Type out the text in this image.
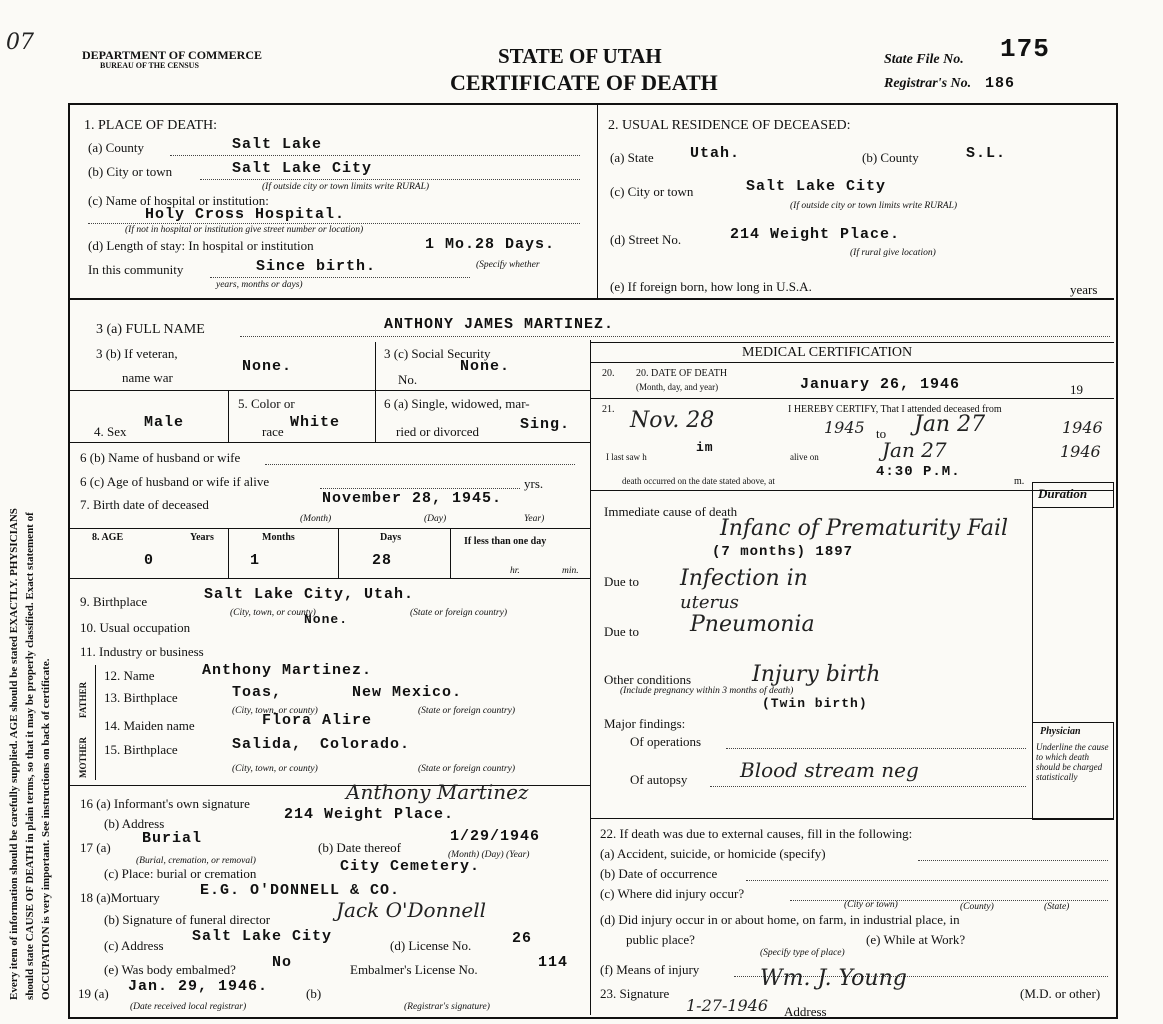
Every item of information should be carefully supplied. AGE should be stated EXACTLY. PHYSICIANS should state CAUSE OF DEATH in plain terms, so that it may be properly classified. Exact statement of OCCUPATION is very important. See instructions on back of certificate.
07	DEPARTMENT OF COMMERCE
BUREAU OF THE CENSUS	STATE OF UTAH
CERTIFICATE OF DEATH
State File No. 175
Registrar's No. 186
1. PLACE OF DEATH:
(a) County	Salt Lake
(b) City or town	Salt Lake City
(If outside city or town limits write RURAL)
(c) Name of hospital or institution:
Holy Cross Hospital.
(If not in hospital or institution give street number or location)
(d) Length of stay: In hospital or institution	1 Mo.28 Days.
In this community	Since birth.	(Specify whether
years, months or days)
2. USUAL RESIDENCE OF DECEASED:
(a) State Utah.	(b) County	S.L.
(c) City or town	Salt Lake City
(If outside city or town limits write RURAL)
(d) Street No.	214 Weight Place.
(If rural give location)
(e) If foreign born, how long in U.S.A.	years
3 (a) FULL NAME	ANTHONY JAMES MARTINEZ.
3 (b) If veteran,
name war
None.
3 (c) Social Security
No.
None.
4. Sex
Male
5. Color or
race
White
6 (a) Single, widowed, mar-
ried or divorced	Sing.
6 (b) Name of husband or wife
6 (c) Age of husband or wife if alive	yrs.
7. Birth date of deceased	November 28, 1945.
(Month)	(Day)	Year)
8. AGE	Years	Months	Days	If less than one day
0	1	28
hr.	min.
9. Birthplace	Salt Lake City, Utah.
(City, town, or county)	(State or foreign country)
10. Usual occupation
None.
11. Industry or business
FATHER
MOTHER
12. Name	Anthony Martinez.
13. Birthplace	Toas,	New Mexico.
(City, town, or county)	(State or foreign country)
14. Maiden name	Flora Alire
15. Birthplace	Salida, Colorado.
(City, town, or county)	(State or foreign country)
16 (a) Informant's own signature	Anthony Martinez
(b) Address
214 Weight Place.
17 (a)
Burial
(b) Date thereof
1/29/1946
(Burial, cremation, or removal)
(Month) (Day) (Year)
(c) Place: burial or cremation	City Cemetery.
18 (a)Mortuary	E.G. O'DONNELL & CO.
(b) Signature of funeral director	Jack O'Donnell
(c) Address
Salt Lake City
(d) License No.	26
(e) Was body embalmed? No	Embalmer's License No.	114
19 (a) Jan. 29, 1946.	(b)
(Date received local registrar)	(Registrar's signature)
MEDICAL CERTIFICATION
20. 20. DATE OF DEATH
(Month, day, and year)	January 26, 1946	19
21.	I HEREBY CERTIFY, That I attended deceased from
Nov. 28	1945 to Jan 27	1946
I last saw h
im
alive on	Jan 27	1946
death occurred on the date stated above, at
4:30 P.M.
m.
Duration
Immediate cause of death
Infanc of Prematurity Fail
(7 months) 1897
Due to Infection in
uterus
Due to Pneumonia
Other conditions
(Include pregnancy within 3 months of death)
Injury birth
(Twin birth)
Major findings:
Of operations
Of autopsy	Blood stream neg
Physician
Underline the cause to which death should be charged statistically
22. If death was due to external causes, fill in the following:
(a) Accident, suicide, or homicide (specify)
(b) Date of occurrence
(c) Where did injury occur?
(City or town)	(County)	(State)
(d) Did injury occur in or about home, on farm, in industrial place, in
public place?
(Specify type of place)
(e) While at Work?
(f) Means of injury
23. Signature
Wm. J. Young
(M.D. or other)
1-27-1946 Address
